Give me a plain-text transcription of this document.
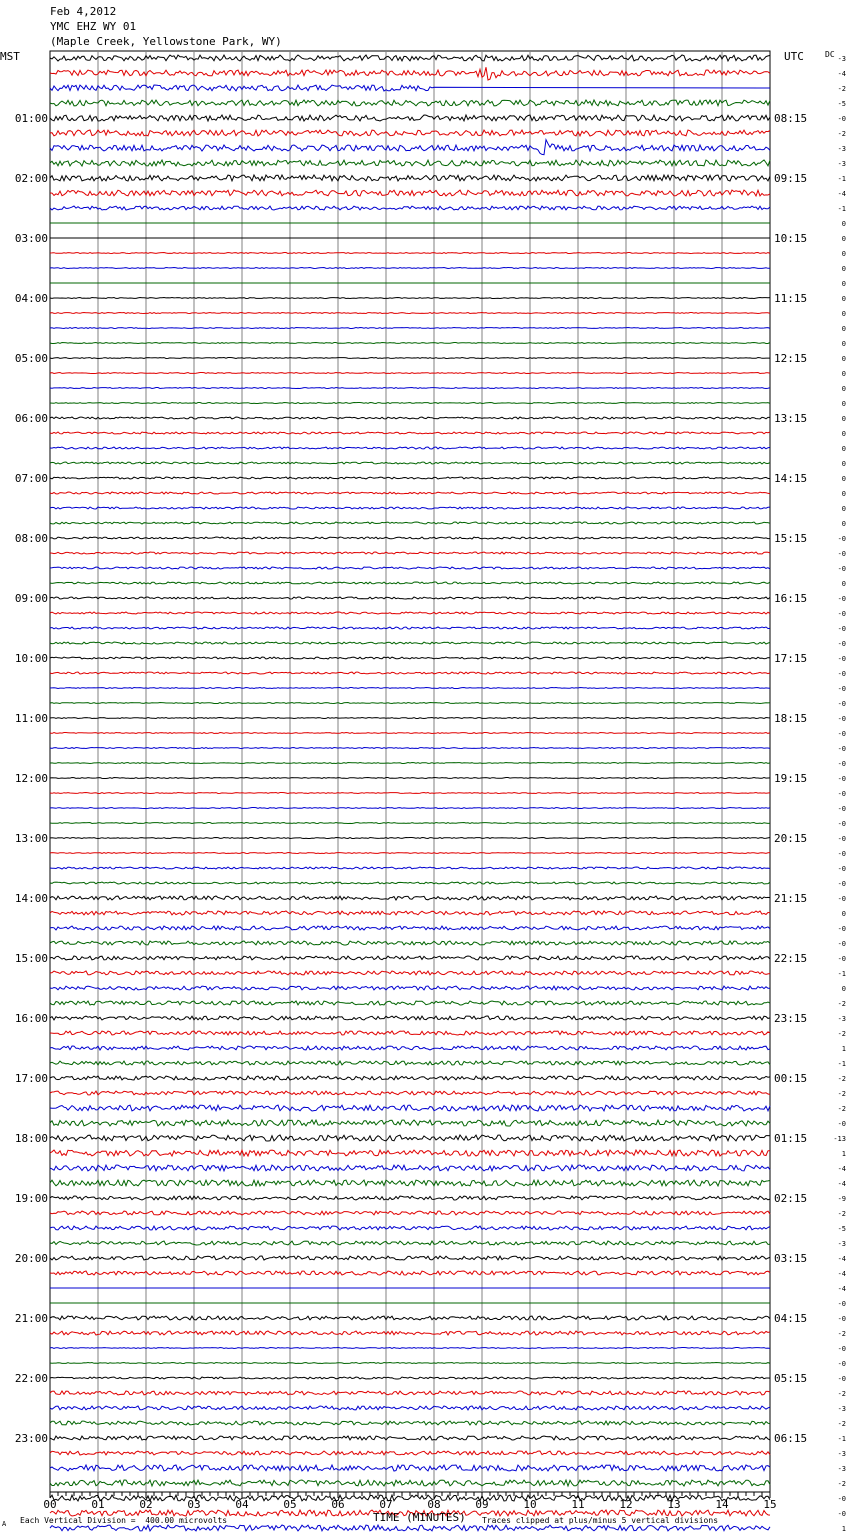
Feb 4,2012
YMC EHZ WY 01
(Maple Creek, Yellowstone Park, WY)
MST	UTC	DC
01:00
02:00
03:00
04:00
05:00
06:00
07:00
08:00
09:00
10:00
11:00
12:00
13:00
14:00
15:00
16:00
17:00
18:00
19:00
20:00
21:00
22:00
23:00
08:15
09:15
10:15
11:15
12:15
13:15
14:15
15:15
16:15
17:15
18:15
19:15
20:15
21:15
22:15
23:15
00:15
01:15
02:15
03:15
04:15
05:15
06:15
-3
-4
-2
-5
-0
-2
-3
-3
-1
-4
-1
0
0
0
0
0
0
0
0
0
0
0
0
0
0
0
0
0
0
0
0
0
-0
-0
-0
0
-0
-0
-0
-0
-0
-0
-0
-0
-0
-0
-0
-0
-0
-0
-0
-0
-0
-0
-0
-0
-0
0
-0
-0
-0
-1
0
-2
-3
-2
1
-1
-2
-2
-2
-0
-13
1
-4
-4
-9
-2
-5
-3
-4
-4
-4
-0
-0
-2
-0
-0
-0
-2
-3
-2
-1
-3
-3
-2
-0
-0
1
00	01	02	03	04	05	06	07	08	09	10	11	12	13	14	15
A Each Vertical Division =  400.00 microvolts	TIME (MINUTES) Traces clipped at plus/minus 5 vertical divisions
